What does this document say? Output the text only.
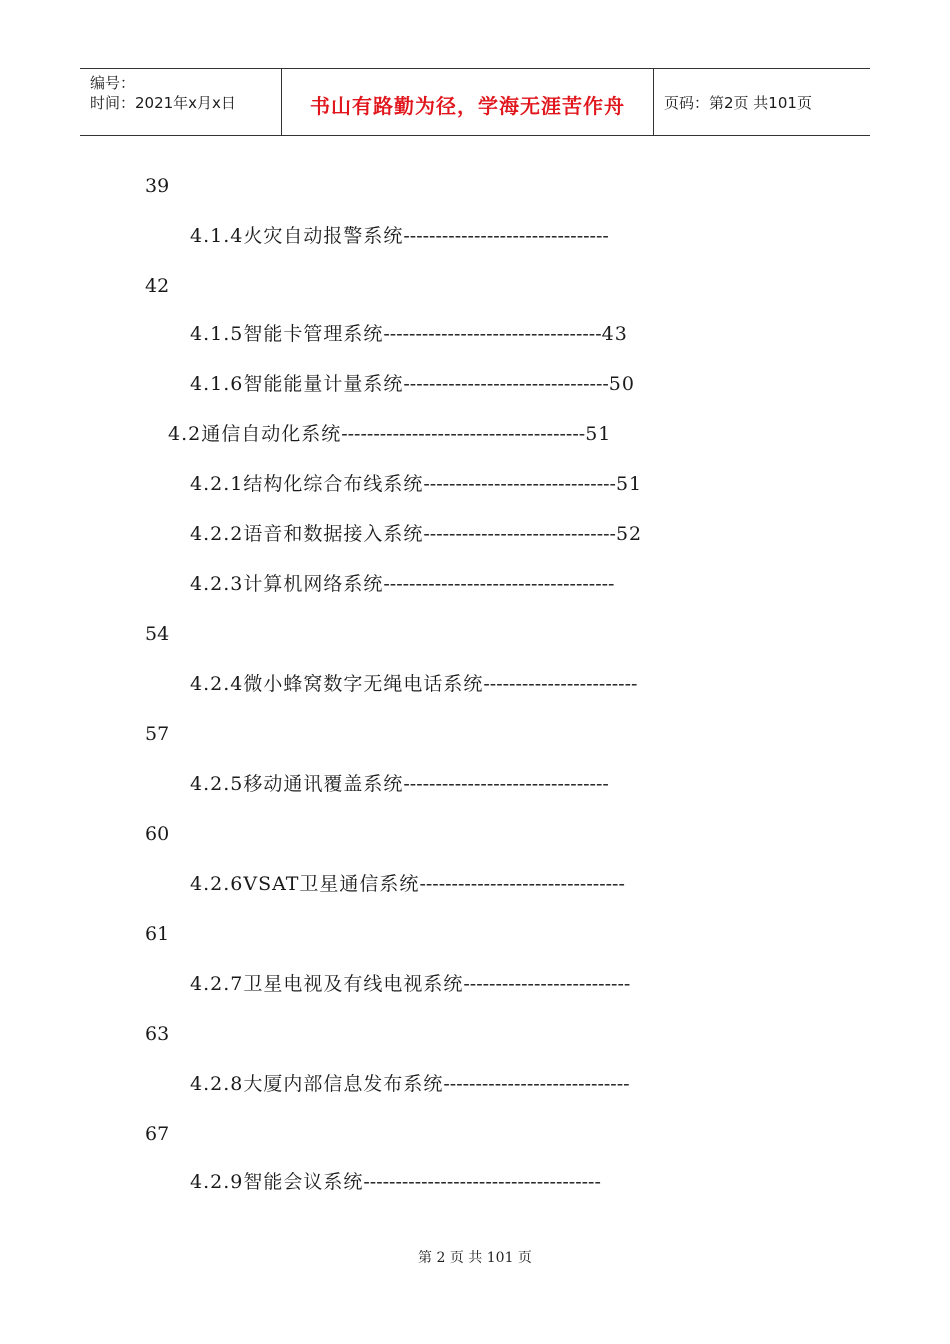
编号：
时间：2021年x月x日	书山有路勤为径，学海无涯苦作舟	页码：第2页 共101页
39
4.1.4火灾自动报警系统--------------------------------
42
4.1.5智能卡管理系统----------------------------------43
4.1.6智能能量计量系统--------------------------------50
4.2通信自动化系统--------------------------------------51
4.2.1结构化综合布线系统------------------------------51
4.2.2语音和数据接入系统------------------------------52
4.2.3计算机网络系统------------------------------------
54
4.2.4微小蜂窝数字无绳电话系统------------------------
57
4.2.5移动通讯覆盖系统--------------------------------
60
4.2.6VSAT卫星通信系统--------------------------------
61
4.2.7卫星电视及有线电视系统--------------------------
63
4.2.8大厦内部信息发布系统-----------------------------
67
4.2.9智能会议系统-------------------------------------
第 2 页 共 101 页
